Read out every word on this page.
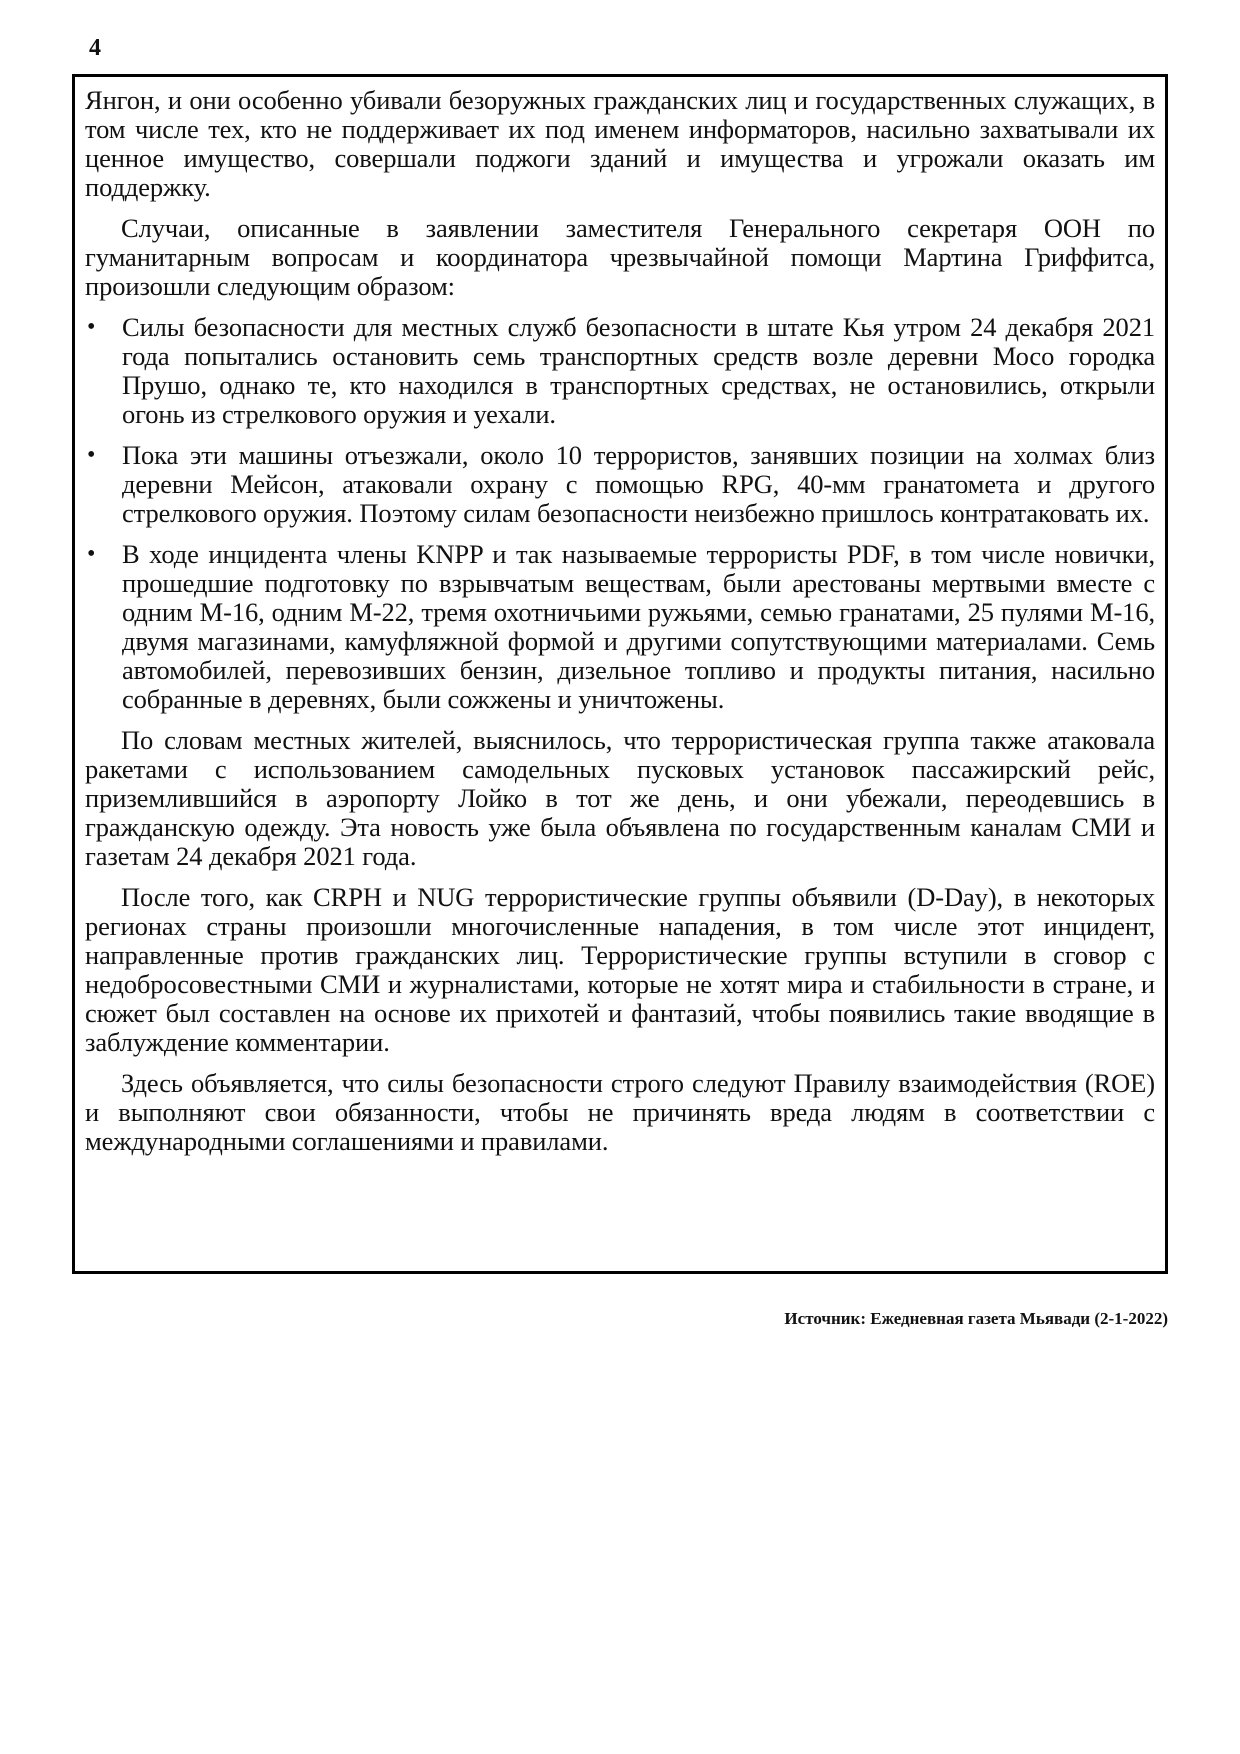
4

Янгон, и они особенно убивали безоружных гражданских лиц и государственных служащих, в том числе тех, кто не поддерживает их под именем информаторов, насильно захватывали их ценное имущество, совершали поджоги зданий и имущества и угрожали оказать им поддержку.

Случаи, описанные в заявлении заместителя Генерального секретаря ООН по гуманитарным вопросам и координатора чрезвычайной помощи Мартина Гриффитса, произошли следующим образом:

• Силы безопасности для местных служб безопасности в штате Кья утром 24 декабря 2021 года попытались остановить семь транспортных средств возле деревни Мосо городка Прушо, однако те, кто находился в транспортных средствах, не остановились, открыли огонь из стрелкового оружия и уехали.
• Пока эти машины отъезжали, около 10 террористов, занявших позиции на холмах близ деревни Мейсон, атаковали охрану с помощью RPG, 40-мм гранатомета и другого стрелкового оружия. Поэтому силам безопасности неизбежно пришлось контратаковать их.
• В ходе инцидента члены KNPP и так называемые террористы PDF, в том числе новички, прошедшие подготовку по взрывчатым веществам, были арестованы мертвыми вместе с одним M-16, одним M-22, тремя охотничьими ружьями, семью гранатами, 25 пулями M-16, двумя магазинами, камуфляжной формой и другими сопутствующими материалами. Семь автомобилей, перевозивших бензин, дизельное топливо и продукты питания, насильно собранные в деревнях, были сожжены и уничтожены.

По словам местных жителей, выяснилось, что террористическая группа также атаковала ракетами с использованием самодельных пусковых установок пассажирский рейс, приземлившийся в аэропорту Лойко в тот же день, и они убежали, переодевшись в гражданскую одежду. Эта новость уже была объявлена по государственным каналам СМИ и газетам 24 декабря 2021 года.

После того, как CRPH и NUG террористические группы объявили (D-Day), в некоторых регионах страны произошли многочисленные нападения, в том числе этот инцидент, направленные против гражданских лиц. Террористические группы вступили в сговор с недобросовестными СМИ и журналистами, которые не хотят мира и стабильности в стране, и сюжет был составлен на основе их прихотей и фантазий, чтобы появились такие вводящие в заблуждение комментарии.

Здесь объявляется, что силы безопасности строго следуют Правилу взаимодействия (ROE) и выполняют свои обязанности, чтобы не причинять вреда людям в соответствии с международными соглашениями и правилами.

Источник: Ежедневная газета Мьявади (2-1-2022)
